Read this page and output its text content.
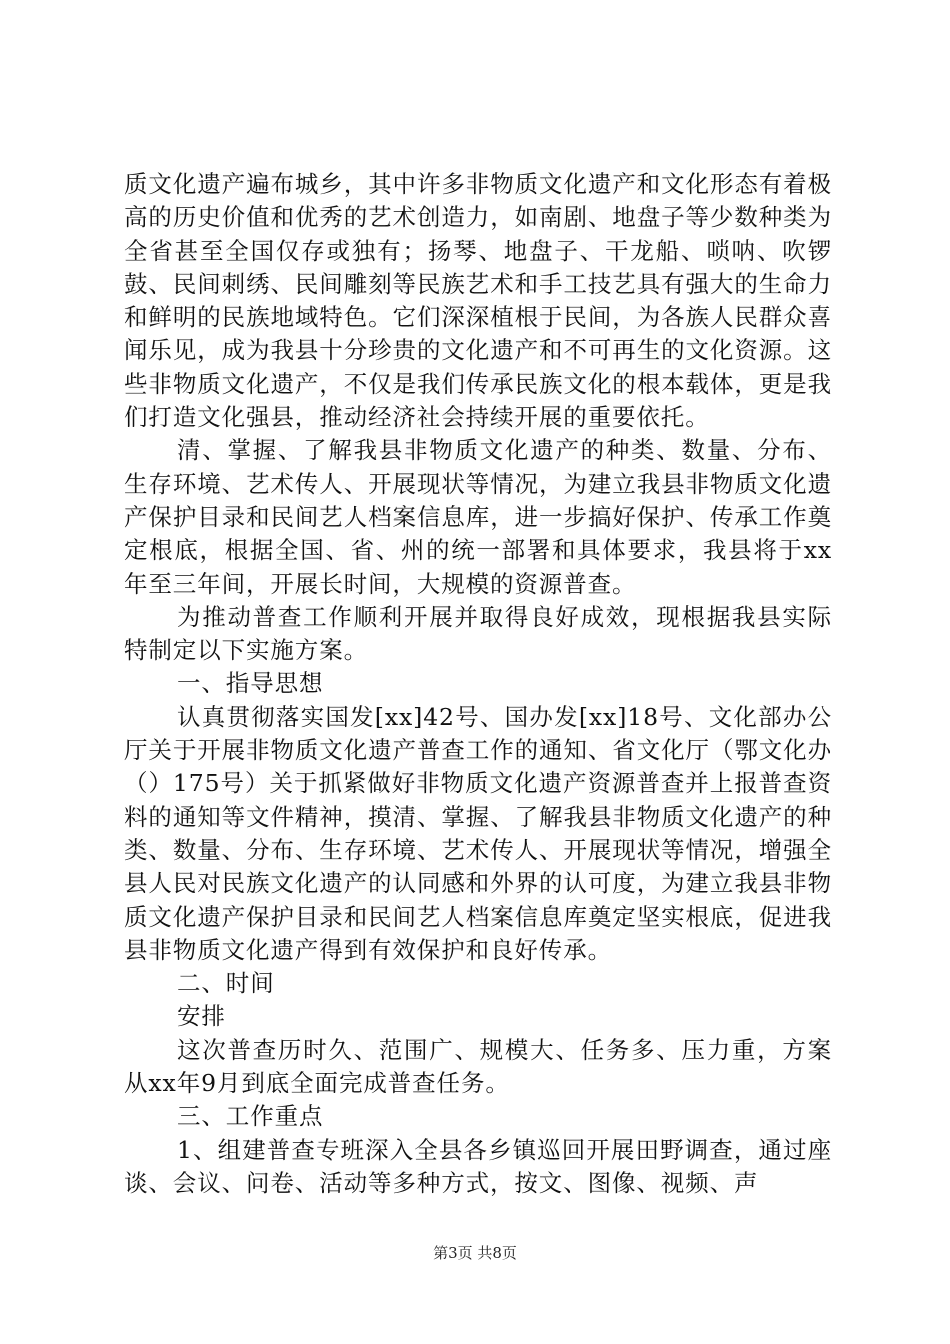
质文化遗产遍布城乡，其中许多非物质文化遗产和文化形态有着极高的历史价值和优秀的艺术创造力，如南剧、地盘子等少数种类为全省甚至全国仅存或独有；扬琴、地盘子、干龙船、唢呐、吹锣鼓、民间刺绣、民间雕刻等民族艺术和手工技艺具有强大的生命力和鲜明的民族地域特色。它们深深植根于民间，为各族人民群众喜闻乐见，成为我县十分珍贵的文化遗产和不可再生的文化资源。这些非物质文化遗产，不仅是我们传承民族文化的根本载体，更是我们打造文化强县，推动经济社会持续开展的重要依托。

清、掌握、了解我县非物质文化遗产的种类、数量、分布、生存环境、艺术传人、开展现状等情况，为建立我县非物质文化遗产保护目录和民间艺人档案信息库，进一步搞好保护、传承工作奠定根底，根据全国、省、州的统一部署和具体要求，我县将于xx年至三年间，开展长时间，大规模的资源普查。

为推动普查工作顺利开展并取得良好成效，现根据我县实际特制定以下实施方案。

一、指导思想

认真贯彻落实国发[xx]42号、国办发[xx]18号、文化部办公厅关于开展非物质文化遗产普查工作的通知、省文化厅（鄂文化办（）175号）关于抓紧做好非物质文化遗产资源普查并上报普查资料的通知等文件精神，摸清、掌握、了解我县非物质文化遗产的种类、数量、分布、生存环境、艺术传人、开展现状等情况，增强全县人民对民族文化遗产的认同感和外界的认可度，为建立我县非物质文化遗产保护目录和民间艺人档案信息库奠定坚实根底，促进我县非物质文化遗产得到有效保护和良好传承。

二、时间

安排

这次普查历时久、范围广、规模大、任务多、压力重，方案从xx年9月到底全面完成普查任务。

三、工作重点

1、组建普查专班深入全县各乡镇巡回开展田野调查，通过座谈、会议、问卷、活动等多种方式，按文、图像、视频、声

第3页 共8页
